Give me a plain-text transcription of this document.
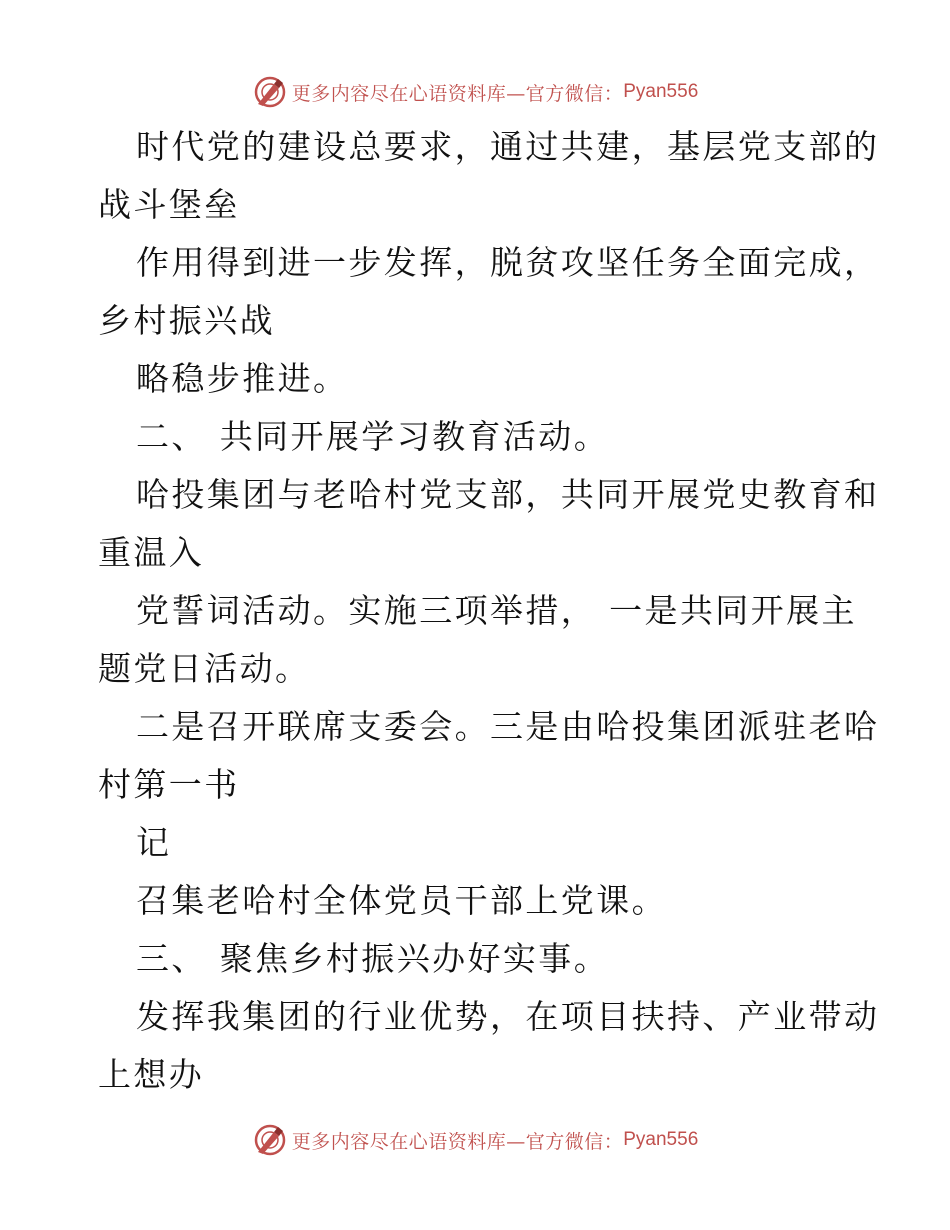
更多内容尽在心语资料库—官方微信： Pyan556
时代党的建设总要求，通过共建，基层党支部的
战斗堡垒
作用得到进一步发挥，脱贫攻坚任务全面完成，
乡村振兴战
略稳步推进。
二、 共同开展学习教育活动。
哈投集团与老哈村党支部，共同开展党史教育和
重温入
党誓词活动。实施三项举措， 一是共同开展主
题党日活动。
二是召开联席支委会。三是由哈投集团派驻老哈
村第一书
记
召集老哈村全体党员干部上党课。
三、 聚焦乡村振兴办好实事。
发挥我集团的行业优势，在项目扶持、产业带动
上想办
更多内容尽在心语资料库—官方微信： Pyan556
